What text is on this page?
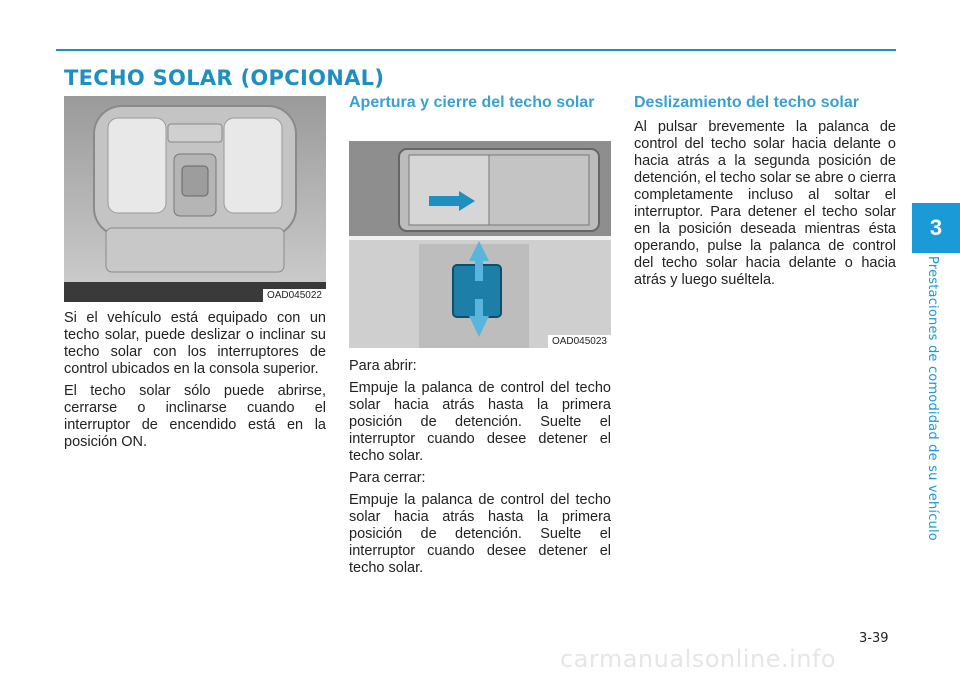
TECHO SOLAR (OPCIONAL)
OAD045022

Si el vehículo está equipado con un techo solar, puede deslizar o inclinar su techo solar con los interruptores de control ubicados en la consola superior.

El techo solar sólo puede abrirse, cerrarse o inclinarse cuando el interruptor de encendido está en la posición ON.

Apertura y cierre del techo solar
OAD045023

Para abrir:

Empuje la palanca de control del techo solar hacia atrás hasta la primera posición de detención. Suelte el interruptor cuando desee detener el techo solar.

Para cerrar:

Empuje la palanca de control del techo solar hacia atrás hasta la primera posición de detención. Suelte el interruptor cuando desee detener el techo solar.

Deslizamiento del techo solar

Al pulsar brevemente la palanca de control del techo solar hacia delante o hacia atrás a la segunda posición de detención, el techo solar se abre o cierra completamente incluso al soltar el interruptor. Para detener el techo solar en la posición deseada mientras ésta operando, pulse la palanca de control del techo solar hacia delante o hacia atrás y luego suéltela.

3
Prestaciones de comodidad de su vehículo
3-39
carmanualsonline.info
